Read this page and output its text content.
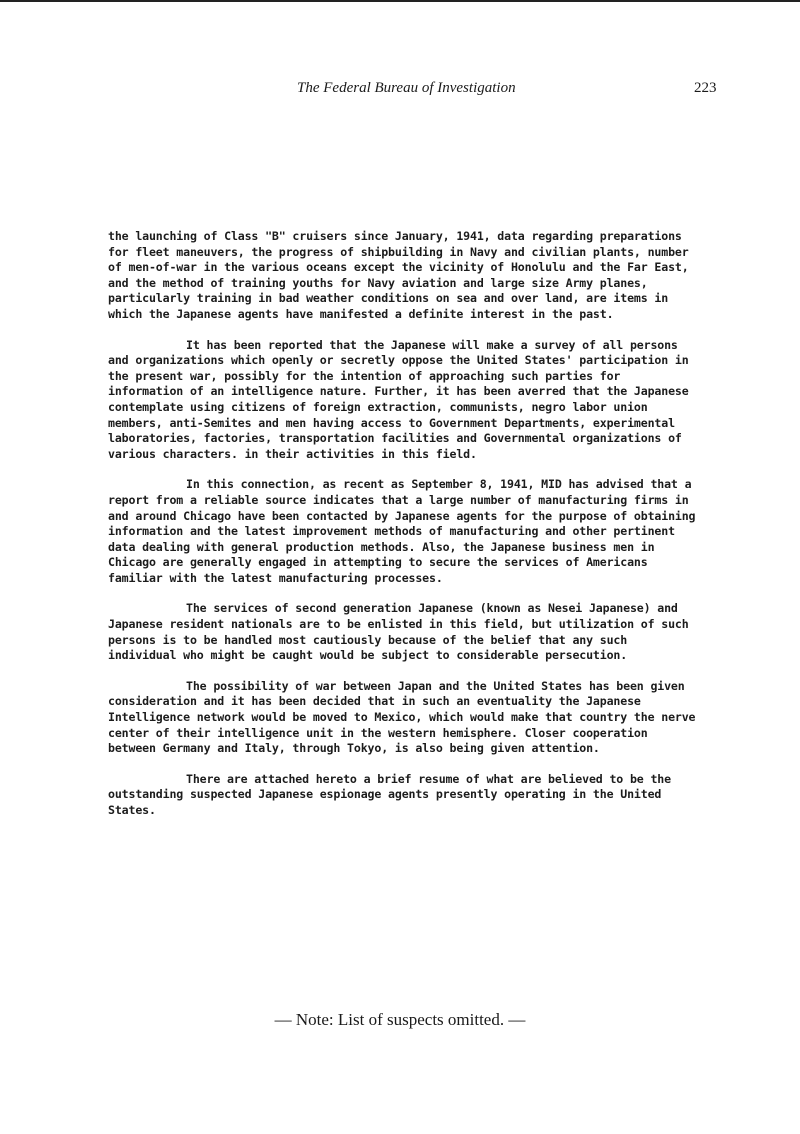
The Federal Bureau of Investigation	223

the launching of Class "B" cruisers since January, 1941, data regarding preparations for fleet maneuvers, the progress of shipbuilding in Navy and civilian plants, number of men-of-war in the various oceans except the vicinity of Honolulu and the Far East, and the method of training youths for Navy aviation and large size Army planes, particularly training in bad weather conditions on sea and over land, are items in which the Japanese agents have manifested a definite interest in the past.

It has been reported that the Japanese will make a survey of all persons and organizations which openly or secretly oppose the United States' participation in the present war, possibly for the intention of approaching such parties for information of an intelligence nature. Further, it has been averred that the Japanese contemplate using citizens of foreign extraction, communists, negro labor union members, anti-Semites and men having access to Government Departments, experimental laboratories, factories, transportation facilities and Governmental organizations of various characters. in their activities in this field.

In this connection, as recent as September 8, 1941, MID has advised that a report from a reliable source indicates that a large number of manufacturing firms in and around Chicago have been contacted by Japanese agents for the purpose of obtaining information and the latest improvement methods of manufacturing and other pertinent data dealing with general production methods. Also, the Japanese business men in Chicago are generally engaged in attempting to secure the services of Americans familiar with the latest manufacturing processes.

The services of second generation Japanese (known as Nesei Japanese) and Japanese resident nationals are to be enlisted in this field, but utilization of such persons is to be handled most cautiously because of the belief that any such individual who might be caught would be subject to considerable persecution.

The possibility of war between Japan and the United States has been given consideration and it has been decided that in such an eventuality the Japanese Intelligence network would be moved to Mexico, which would make that country the nerve center of their intelligence unit in the western hemisphere. Closer cooperation between Germany and Italy, through Tokyo, is also being given attention.

There are attached hereto a brief resume of what are believed to be the outstanding suspected Japanese espionage agents presently operating in the United States.

— Note: List of suspects omitted. —
